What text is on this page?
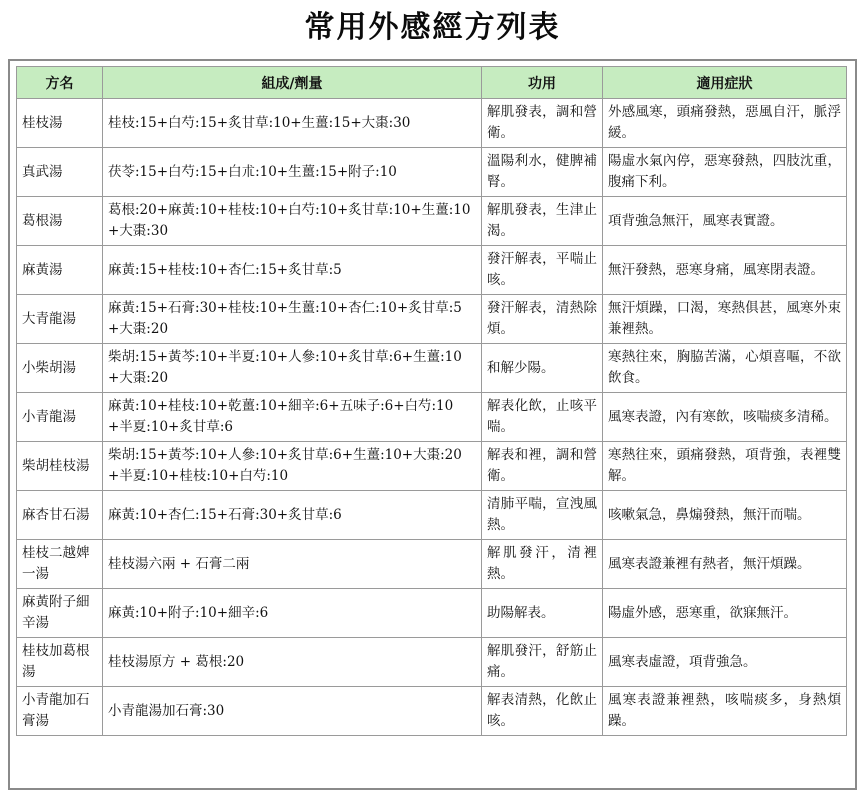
常用外感經方列表
方名	組成/劑量	功用	適用症狀
桂枝湯	桂枝:15+白芍:15+炙甘草:10+生薑:15+大棗:30	解肌發表，調和營衛。	外感風寒，頭痛發熱，惡風自汗，脈浮緩。
真武湯	茯苓:15+白芍:15+白朮:10+生薑:15+附子:10	溫陽利水，健脾補腎。	陽虛水氣內停，惡寒發熱，四肢沈重，腹痛下利。
葛根湯	葛根:20+麻黃:10+桂枝:10+白芍:10+炙甘草:10+生薑:10+大棗:30	解肌發表，生津止渴。	項背強急無汗，風寒表實證。
麻黃湯	麻黃:15+桂枝:10+杏仁:15+炙甘草:5	發汗解表，平喘止咳。	無汗發熱，惡寒身痛，風寒閉表證。
大青龍湯	麻黃:15+石膏:30+桂枝:10+生薑:10+杏仁:10+炙甘草:5+大棗:20	發汗解表，清熱除煩。	無汗煩躁，口渴，寒熱俱甚，風寒外束兼裡熱。
小柴胡湯	柴胡:15+黃芩:10+半夏:10+人參:10+炙甘草:6+生薑:10+大棗:20	和解少陽。	寒熱往來，胸脇苦滿，心煩喜嘔，不欲飲食。
小青龍湯	麻黃:10+桂枝:10+乾薑:10+細辛:6+五味子:6+白芍:10+半夏:10+炙甘草:6	解表化飲，止咳平喘。	風寒表證，內有寒飲，咳喘痰多清稀。
柴胡桂枝湯	柴胡:15+黃芩:10+人參:10+炙甘草:6+生薑:10+大棗:20+半夏:10+桂枝:10+白芍:10	解表和裡，調和營衛。	寒熱往來，頭痛發熱，項背強，表裡雙解。
麻杏甘石湯	麻黃:10+杏仁:15+石膏:30+炙甘草:6	清肺平喘，宣洩風熱。	咳嗽氣急，鼻煽發熱，無汗而喘。
桂枝二越婢一湯	桂枝湯六兩 + 石膏二兩	解肌發汗，清裡熱。	風寒表證兼裡有熱者，無汗煩躁。
麻黃附子細辛湯	麻黃:10+附子:10+細辛:6	助陽解表。	陽虛外感，惡寒重，欲寐無汗。
桂枝加葛根湯	桂枝湯原方 + 葛根:20	解肌發汗，舒筋止痛。	風寒表虛證，項背強急。
小青龍加石膏湯	小青龍湯加石膏:30	解表清熱，化飲止咳。	風寒表證兼裡熱，咳喘痰多，身熱煩躁。
